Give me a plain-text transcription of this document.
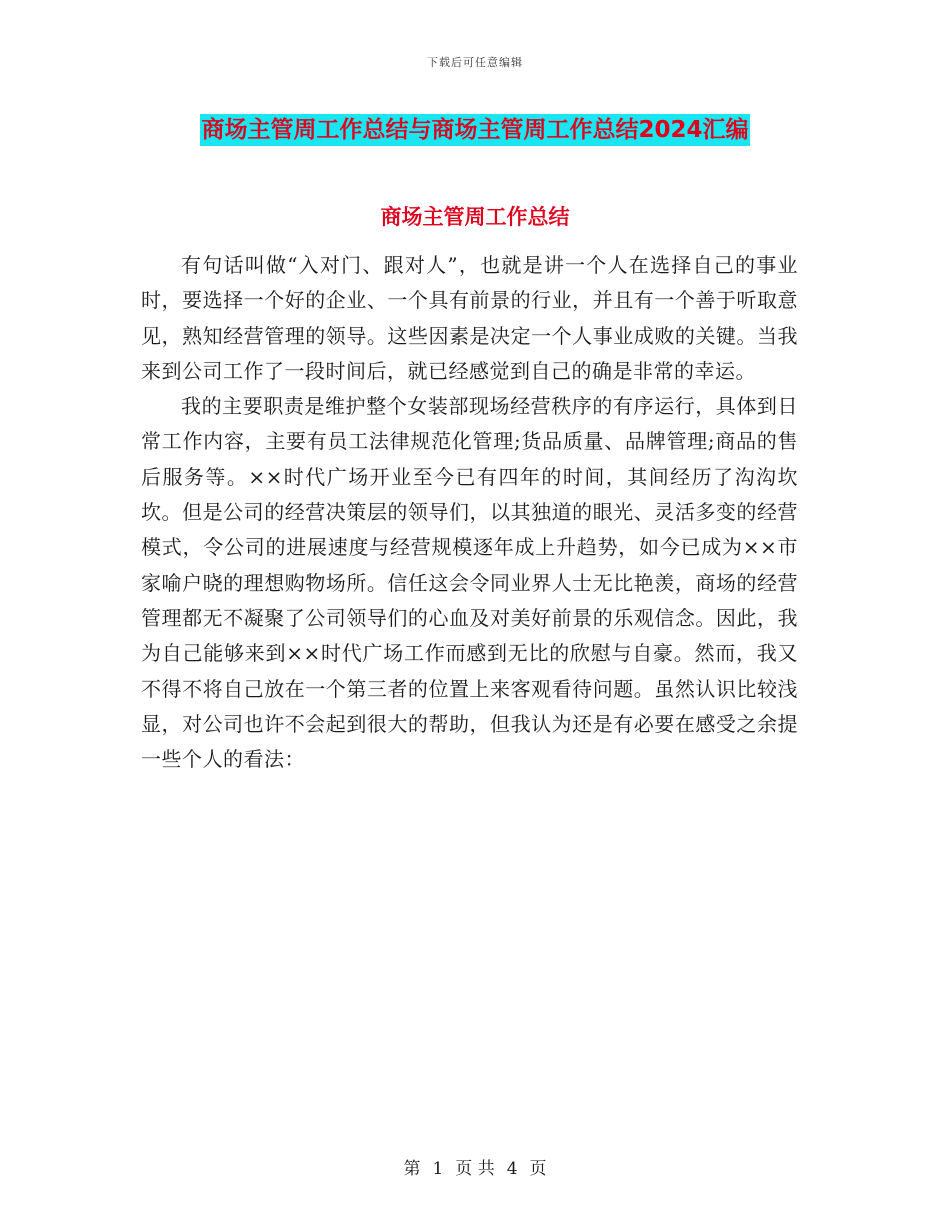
下载后可任意编辑
商场主管周工作总结与商场主管周工作总结2024汇编
商场主管周工作总结

有句话叫做“入对门、跟对人”，也就是讲一个人在选择自己的事业时，要选择一个好的企业、一个具有前景的行业，并且有一个善于听取意见，熟知经营管理的领导。这些因素是决定一个人事业成败的关键。当我来到公司工作了一段时间后，就已经感觉到自己的确是非常的幸运。

我的主要职责是维护整个女装部现场经营秩序的有序运行，具体到日常工作内容，主要有员工法律规范化管理;货品质量、品牌管理;商品的售后服务等。××时代广场开业至今已有四年的时间，其间经历了沟沟坎坎。但是公司的经营决策层的领导们，以其独道的眼光、灵活多变的经营模式，令公司的进展速度与经营规模逐年成上升趋势，如今已成为××市家喻户晓的理想购物场所。信任这会令同业界人士无比艳羡，商场的经营管理都无不凝聚了公司领导们的心血及对美好前景的乐观信念。因此，我为自己能够来到××时代广场工作而感到无比的欣慰与自豪。然而，我又不得不将自己放在一个第三者的位置上来客观看待问题。虽然认识比较浅显，对公司也许不会起到很大的帮助，但我认为还是有必要在感受之余提一些个人的看法：

第 1 页 共 4 页
